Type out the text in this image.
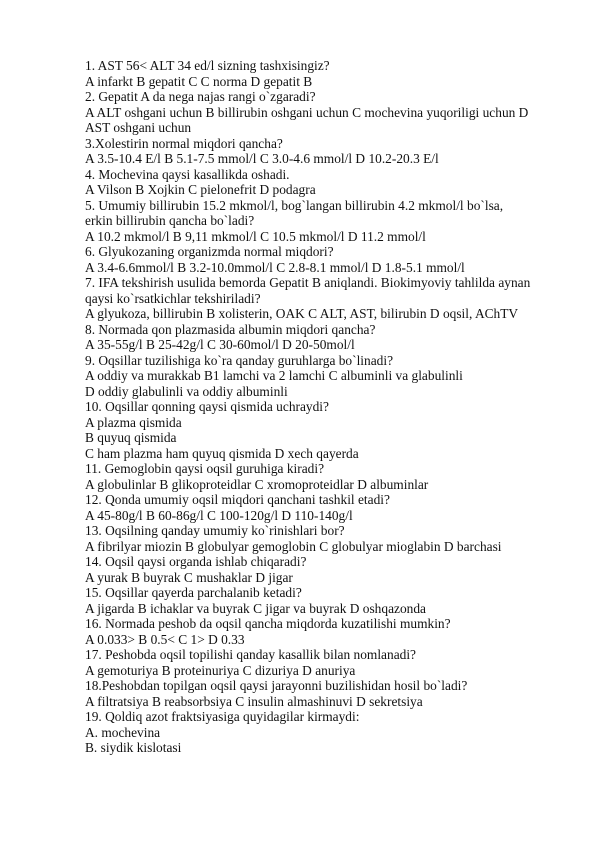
1. AST 56< ALT 34 ed/l sizning tashxisingiz?
A infarkt B gepatit C C norma D gepatit B
2. Gepatit A da nega najas rangi o`zgaradi?
A ALT oshgani uchun B billirubin oshgani uchun C mochevina yuqoriligi uchun D
AST oshgani uchun
3.Xolestirin normal miqdori qancha?
A 3.5-10.4 E/l B 5.1-7.5 mmol/l C 3.0-4.6 mmol/l D 10.2-20.3 E/l
4. Mochevina qaysi kasallikda oshadi.
A Vilson B Xojkin C pielonefrit D podagra
5. Umumiy billirubin 15.2 mkmol/l, bog`langan billirubin 4.2 mkmol/l bo`lsa,
erkin billirubin qancha bo`ladi?
A 10.2 mkmol/l B 9,11 mkmol/l C 10.5 mkmol/l D 11.2 mmol/l
6. Glyukozaning organizmda normal miqdori?
A 3.4-6.6mmol/l B 3.2-10.0mmol/l C 2.8-8.1 mmol/l D 1.8-5.1 mmol/l
7. IFA tekshirish usulida bemorda Gepatit B aniqlandi. Biokimyoviy tahlilda aynan
qaysi ko`rsatkichlar tekshiriladi?
A glyukoza, billirubin B xolisterin, OAK C ALT, AST, bilirubin D oqsil, AChTV
8. Normada qon plazmasida albumin miqdori qancha?
A 35-55g/l B 25-42g/l C 30-60mol/l D 20-50mol/l
9. Oqsillar tuzilishiga ko`ra qanday guruhlarga bo`linadi?
A oddiy va murakkab B1 lamchi va 2 lamchi C albuminli va glabulinli
D oddiy glabulinli va oddiy albuminli
10. Oqsillar qonning qaysi qismida uchraydi?
A plazma qismida
B quyuq qismida
C ham plazma ham quyuq qismida D xech qayerda
11. Gemoglobin qaysi oqsil guruhiga kiradi?
A globulinlar B glikoproteidlar C xromoproteidlar D albuminlar
12. Qonda umumiy oqsil miqdori qanchani tashkil etadi?
A 45-80g/l B 60-86g/l C 100-120g/l D 110-140g/l
13. Oqsilning qanday umumiy ko`rinishlari bor?
A fibrilyar miozin B globulyar gemoglobin C globulyar mioglabin D barchasi
14. Oqsil qaysi organda ishlab chiqaradi?
A yurak B buyrak C mushaklar D jigar
15. Oqsillar qayerda parchalanib ketadi?
A jigarda B ichaklar va buyrak C jigar va buyrak D oshqazonda
16. Normada peshob da oqsil qancha miqdorda kuzatilishi mumkin?
A 0.033> B 0.5< C 1> D 0.33
17. Peshobda oqsil topilishi qanday kasallik bilan nomlanadi?
A gemoturiya B proteinuriya C dizuriya D anuriya
18.Peshobdan topilgan oqsil qaysi jarayonni buzilishidan hosil bo`ladi?
A filtratsiya B reabsorbsiya C insulin almashinuvi D sekretsiya
19. Qoldiq azot fraktsiyasiga quyidagilar kirmaydi:
A. mochevina
B. siydik kislotasi
